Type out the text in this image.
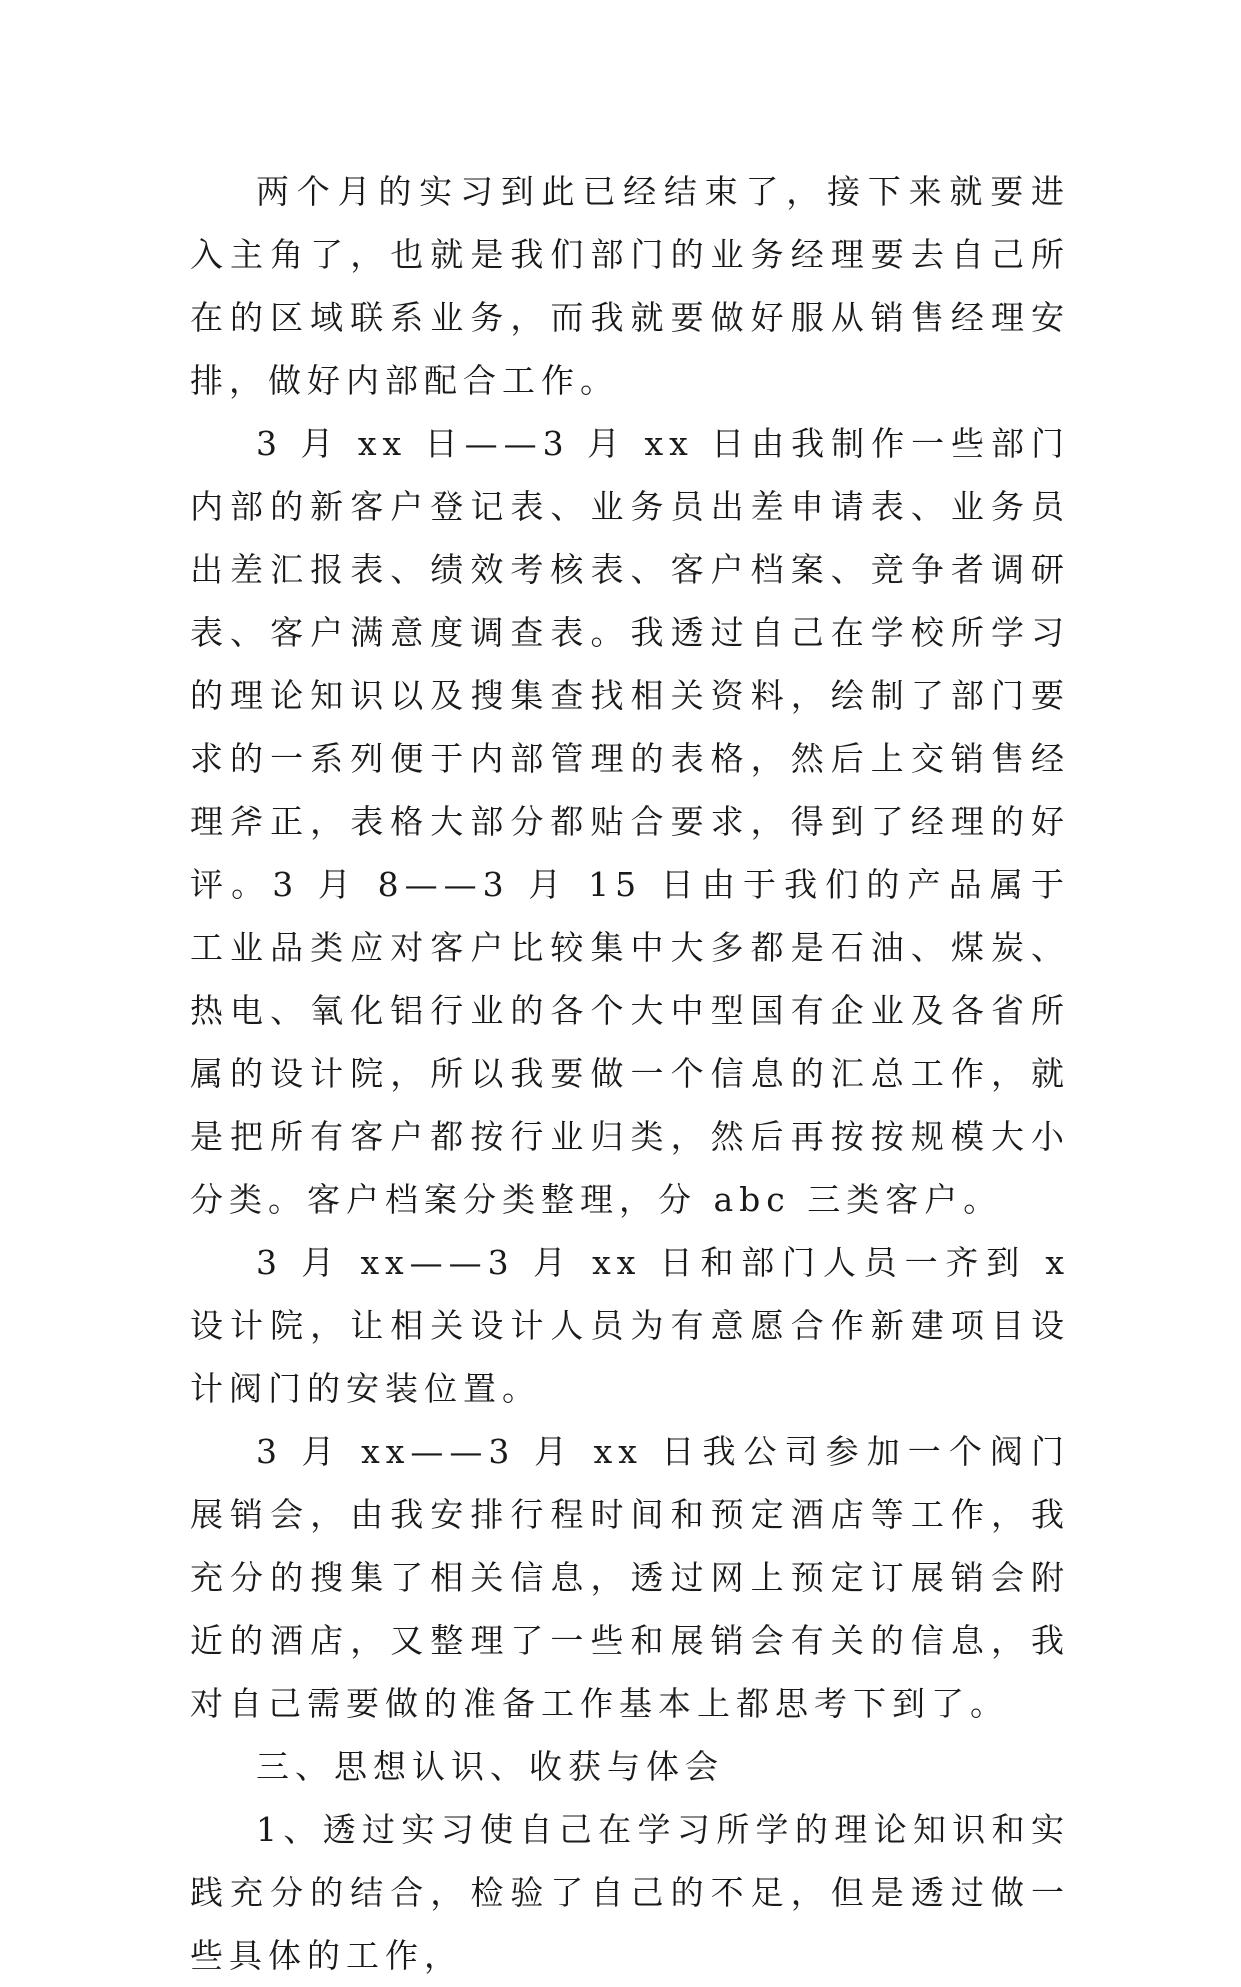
两个月的实习到此已经结束了，接下来就要进入主角了，也就是我们部门的业务经理要去自己所在的区域联系业务，而我就要做好服从销售经理安排，做好内部配合工作。

3 月 xx 日——3 月 xx 日由我制作一些部门内部的新客户登记表、业务员出差申请表、业务员出差汇报表、绩效考核表、客户档案、竞争者调研表、客户满意度调查表。我透过自己在学校所学习的理论知识以及搜集查找相关资料，绘制了部门要求的一系列便于内部管理的表格，然后上交销售经理斧正，表格大部分都贴合要求，得到了经理的好评。3 月 8——3 月 15 日由于我们的产品属于工业品类应对客户比较集中大多都是石油、煤炭、热电、氧化铝行业的各个大中型国有企业及各省所属的设计院，所以我要做一个信息的汇总工作，就是把所有客户都按行业归类，然后再按按规模大小分类。客户档案分类整理，分 abc 三类客户。

3 月 xx——3 月 xx 日和部门人员一齐到 x 设计院，让相关设计人员为有意愿合作新建项目设计阀门的安装位置。

3 月 xx——3 月 xx 日我公司参加一个阀门展销会，由我安排行程时间和预定酒店等工作，我充分的搜集了相关信息，透过网上预定订展销会附近的酒店，又整理了一些和展销会有关的信息，我对自己需要做的准备工作基本上都思考下到了。

三、思想认识、收获与体会

1、透过实习使自己在学习所学的理论知识和实践充分的结合，检验了自己的不足，但是透过做一些具体的工作，
